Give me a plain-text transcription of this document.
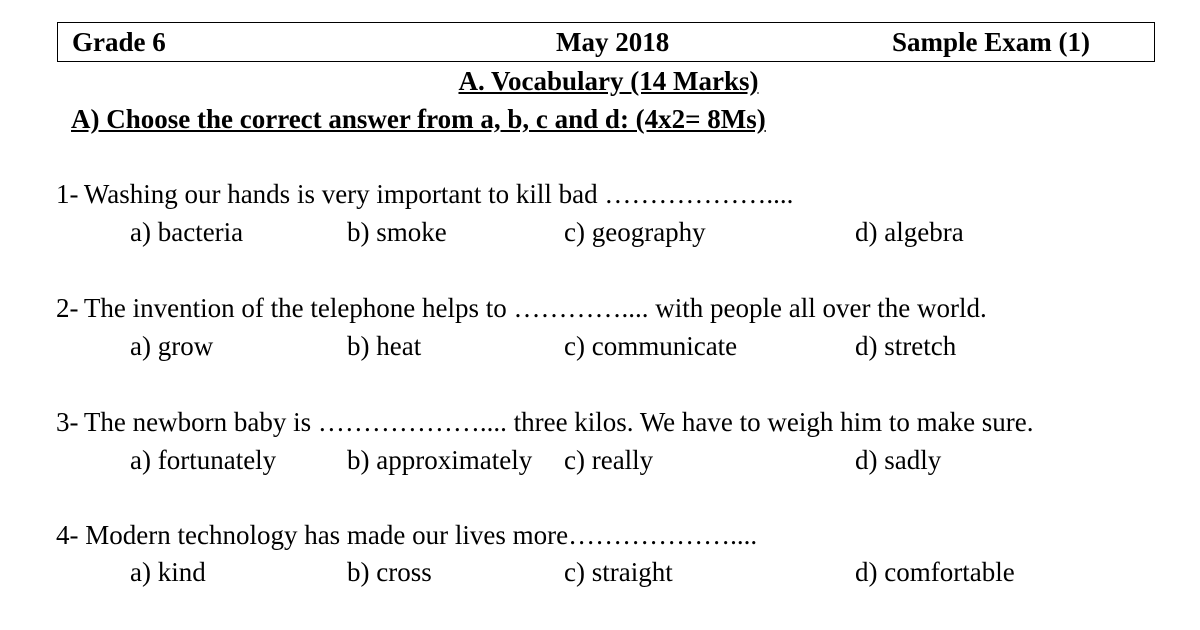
Grade 6	May 2018	Sample Exam (1)
A. Vocabulary (14 Marks)
A) Choose the correct answer from a, b, c and d: (4x2= 8Ms)
1- Washing our hands is very important to kill bad ………………....
a) bacteria	b) smoke	c) geography	d) algebra
2- The invention of the telephone helps to ………….... with people all over the world.
a) grow	b) heat	c) communicate	d) stretch
3- The newborn baby is ……………….... three kilos. We have to weigh him to make sure.
a) fortunately	b) approximately c) really	d) sadly
4- Modern technology has made our lives more………………....
a) kind	b) cross	c) straight	d) comfortable
